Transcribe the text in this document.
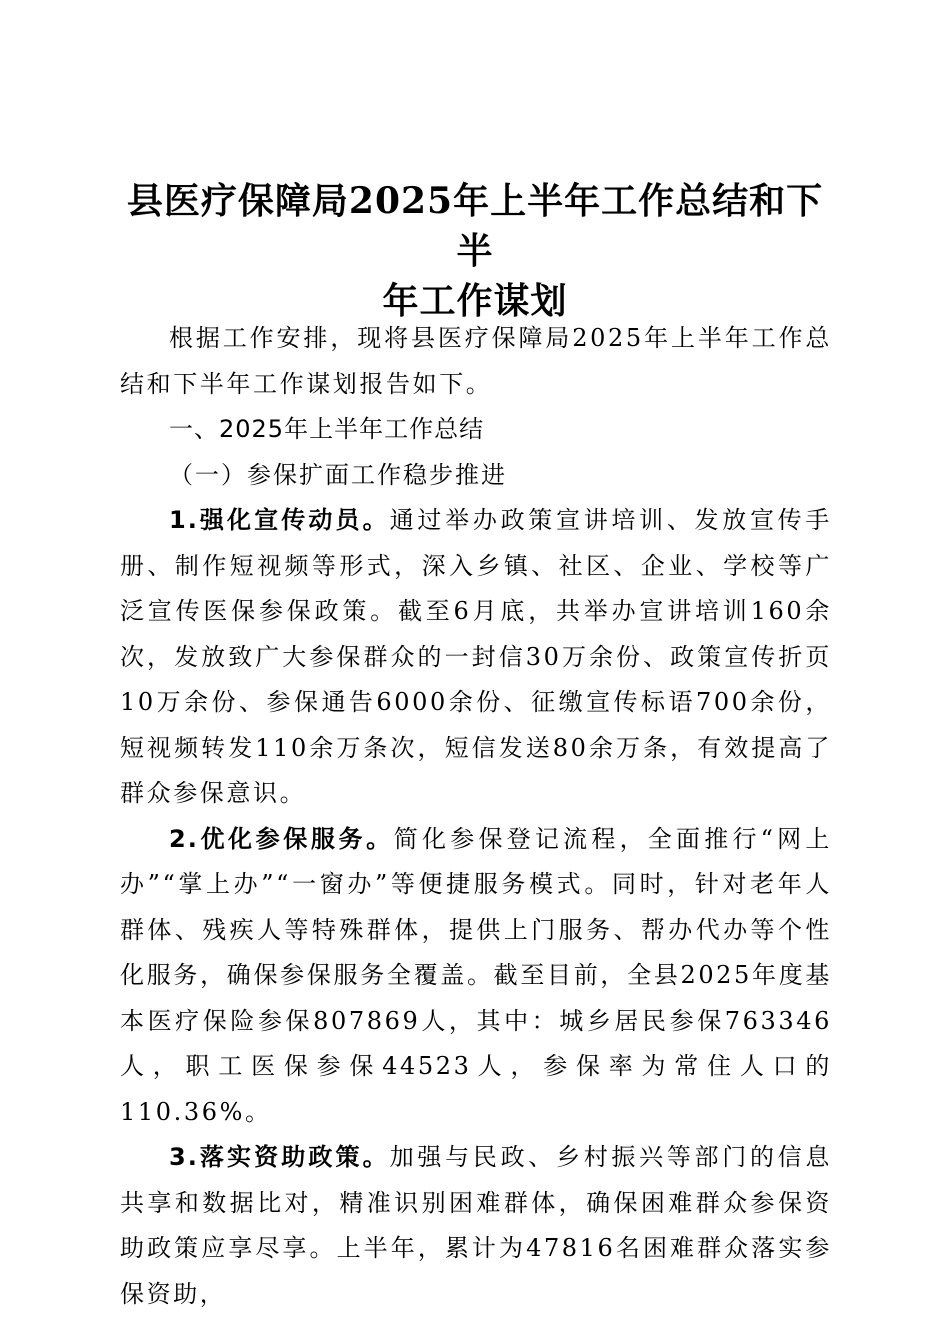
县医疗保障局2025年上半年工作总结和下半
年工作谋划

根据工作安排，现将县医疗保障局2025年上半年工作总结和下半年工作谋划报告如下。

一、2025年上半年工作总结

（一）参保扩面工作稳步推进

1.强化宣传动员。通过举办政策宣讲培训、发放宣传手册、制作短视频等形式，深入乡镇、社区、企业、学校等广泛宣传医保参保政策。截至6月底，共举办宣讲培训160余次，发放致广大参保群众的一封信30万余份、政策宣传折页10万余份、参保通告6000余份、征缴宣传标语700余份，短视频转发110余万条次，短信发送80余万条，有效提高了群众参保意识。

2.优化参保服务。简化参保登记流程，全面推行“网上办”“掌上办”“一窗办”等便捷服务模式。同时，针对老年人群体、残疾人等特殊群体，提供上门服务、帮办代办等个性化服务，确保参保服务全覆盖。截至目前，全县2025年度基本医疗保险参保807869人，其中：城乡居民参保763346人，职工医保参保44523人，参保率为常住人口的110.36%。

3.落实资助政策。加强与民政、乡村振兴等部门的信息共享和数据比对，精准识别困难群体，确保困难群众参保资助政策应享尽享。上半年，累计为47816名困难群众落实参保资助，
